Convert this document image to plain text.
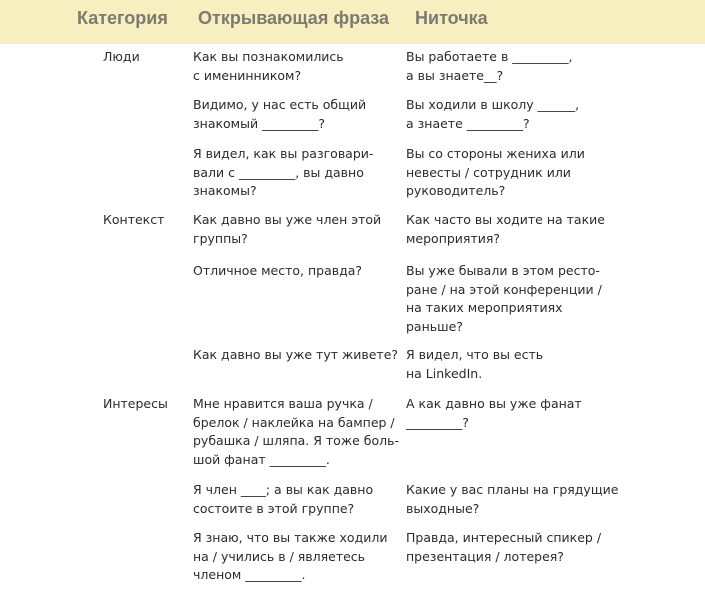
Категория Открывающая фраза Ниточка
Люди	Как вы познакомились
с именинником?
Вы работаете в _________,
а вы знаете__?
Видимо, у нас есть общий
знакомый _________?
Вы ходили в школу ______,
а знаете _________?
Я видел, как вы разговари-
вали с _________, вы давно
знакомы?
Вы со стороны жениха или
невесты / сотрудник или
руководитель?
Контекст Как давно вы уже член этой
группы?
Как часто вы ходите на такие
мероприятия?
Отличное место, правда?	Вы уже бывали в этом ресто-
ране / на этой конференции /
на таких мероприятиях
раньше?
Как давно вы уже тут живете? Я видел, что вы есть
на LinkedIn.
Интересы Мне нравится ваша ручка /
брелок / наклейка на бампер /
рубашка / шляпа. Я тоже боль-
шой фанат _________.
А как давно вы уже фанат
_________?
Я член ____; а вы как давно
состоите в этой группе?
Какие у вас планы на грядущие
выходные?
Я знаю, что вы также ходили
на / учились в / являетесь
членом _________.
Правда, интересный спикер /
презентация / лотерея?
